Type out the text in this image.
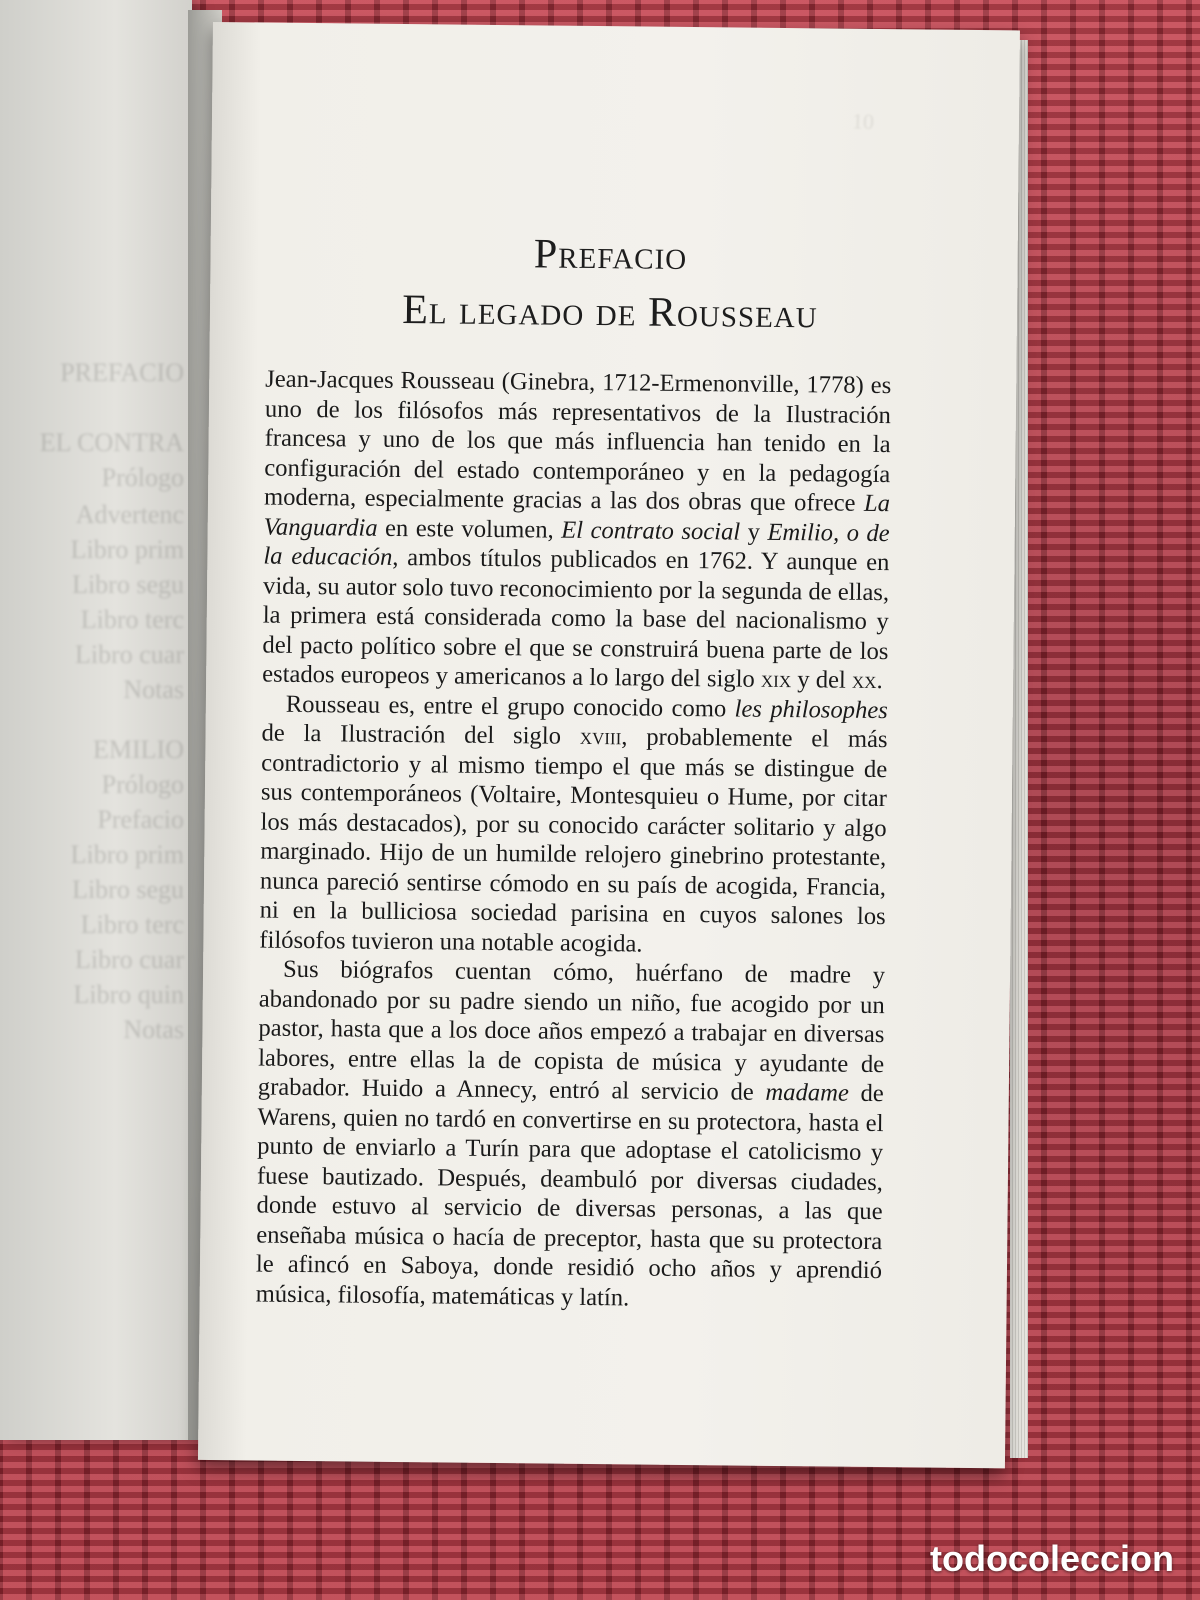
PREFACIO
EL CONTRA
Prólogo
Advertenc
Libro prim
Libro segu
Libro terc
Libro cuar
Notas
EMILIO
Prólogo
Prefacio
Libro prim
Libro segu
Libro terc
Libro cuar
Libro quin
Notas
10
Prefacio
El legado de Rousseau

Jean-Jacques Rousseau (Ginebra, 1712-Ermenonville, 1778) es uno de los filósofos más representativos de la Ilustración francesa y uno de los que más influencia han tenido en la configuración del estado contemporáneo y en la pedagogía moderna, especialmente gracias a las dos obras que ofrece La Vanguardia en este volumen, El contrato social y Emilio, o de la educación, ambos títulos publicados en 1762. Y aunque en vida, su autor solo tuvo reconocimiento por la segunda de ellas, la primera está considerada como la base del nacionalismo y del pacto político sobre el que se construirá buena parte de los estados europeos y americanos a lo largo del siglo xix y del xx.

Rousseau es, entre el grupo conocido como les philosophes de la Ilustración del siglo xviii, probablemente el más contradictorio y al mismo tiempo el que más se distingue de sus contemporáneos (Voltaire, Montesquieu o Hume, por citar los más destacados), por su conocido carácter solitario y algo marginado. Hijo de un humilde relojero ginebrino protestante, nunca pareció sentirse cómodo en su país de acogida, Francia, ni en la bulliciosa sociedad parisina en cuyos salones los filósofos tuvieron una notable acogida.

Sus biógrafos cuentan cómo, huérfano de madre y abandonado por su padre siendo un niño, fue acogido por un pastor, hasta que a los doce años empezó a trabajar en diversas labores, entre ellas la de copista de música y ayudante de grabador. Huido a Annecy, entró al servicio de madame de Warens, quien no tardó en convertirse en su protectora, hasta el punto de enviarlo a Turín para que adoptase el catolicismo y fuese bautizado. Después, deambuló por diversas ciudades, donde estuvo al servicio de diversas personas, a las que enseñaba música o hacía de preceptor, hasta que su protectora le afincó en Saboya, donde residió ocho años y aprendió música, filosofía, matemáticas y latín.

todocoleccion
